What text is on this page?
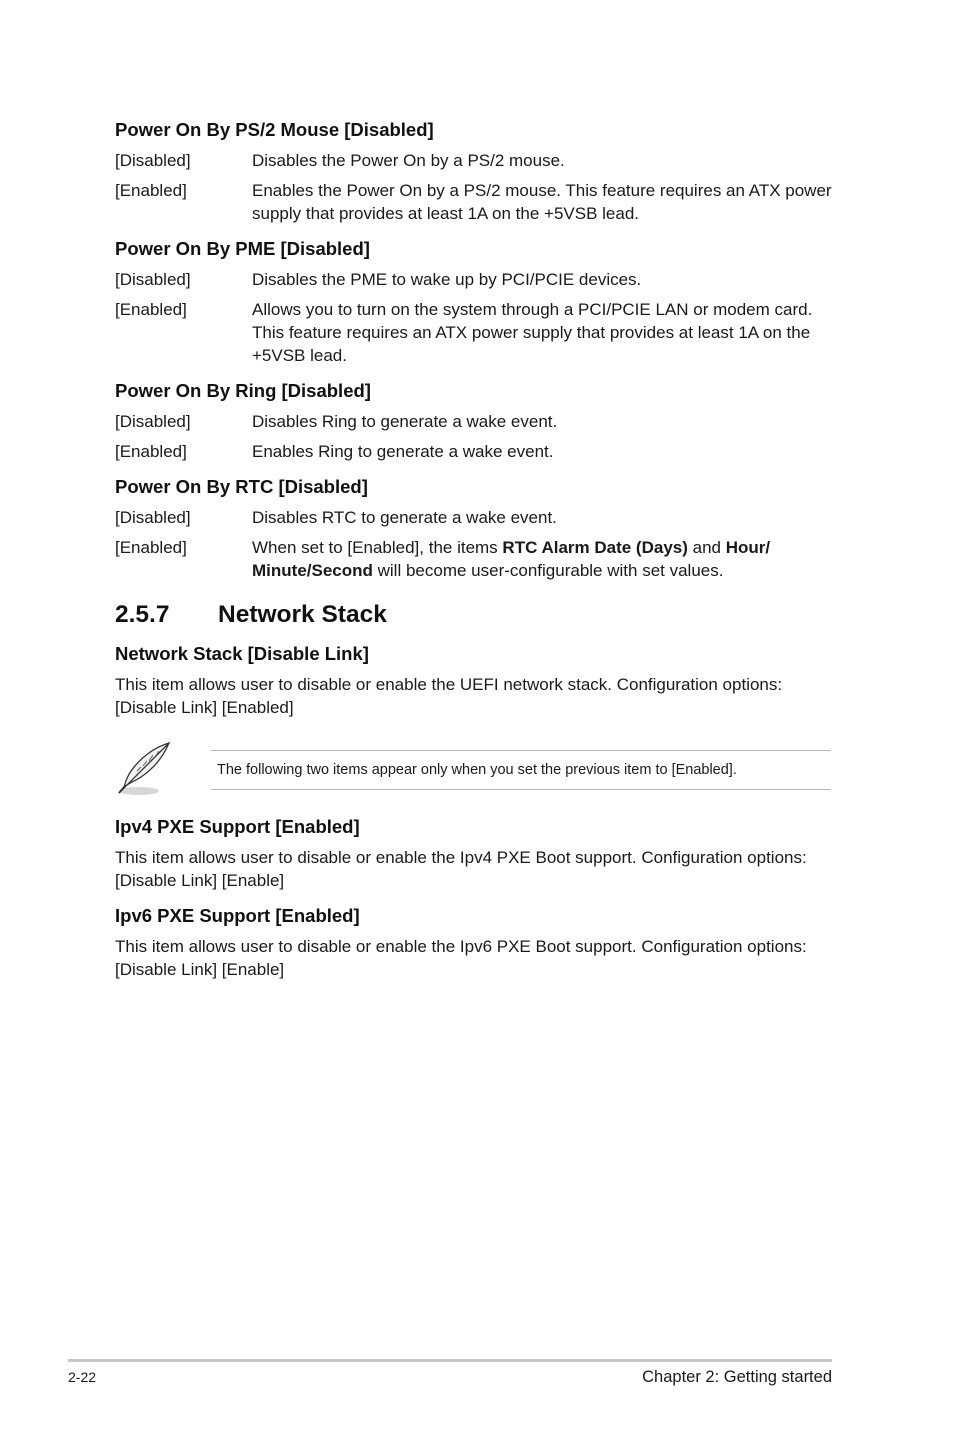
Power On By PS/2 Mouse [Disabled]
[Disabled]	Disables the Power On by a PS/2 mouse.
[Enabled]	Enables the Power On by a PS/2 mouse. This feature requires an ATX power supply that provides at least 1A on the +5VSB lead.
Power On By PME [Disabled]
[Disabled]	Disables the PME to wake up by PCI/PCIE devices.
[Enabled]	Allows you to turn on the system through a PCI/PCIE LAN or modem card. This feature requires an ATX power supply that provides at least 1A on the +5VSB lead.
Power On By Ring [Disabled]
[Disabled]	Disables Ring to generate a wake event.
[Enabled]	Enables Ring to generate a wake event.
Power On By RTC [Disabled]
[Disabled]	Disables RTC to generate a wake event.
[Enabled]	When set to [Enabled], the items RTC Alarm Date (Days) and Hour/ Minute/Second will become user-configurable with set values.
2.5.7	Network Stack
Network Stack [Disable Link]
This item allows user to disable or enable the UEFI network stack. Configuration options: [Disable Link] [Enabled]
The following two items appear only when you set the previous item to [Enabled].
Ipv4 PXE Support [Enabled]
This item allows user to disable or enable the Ipv4 PXE Boot support. Configuration options: [Disable Link] [Enable]
Ipv6 PXE Support [Enabled]
This item allows user to disable or enable the Ipv6 PXE Boot support. Configuration options: [Disable Link] [Enable]
2-22	Chapter 2: Getting started
